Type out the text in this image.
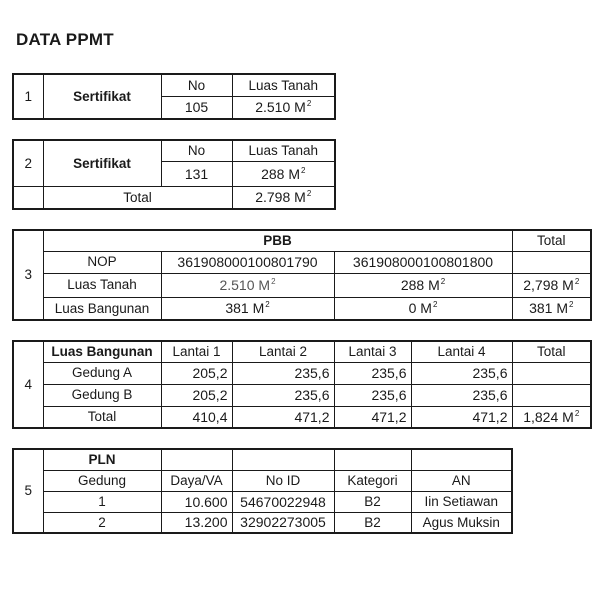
DATA PPMT
1	Sertifikat	No	Luas Tanah
		105	2.510 $M^2$
2	Sertifikat	No	Luas Tanah
		131	288 $M^2$
	Total		2.798 $M^2$
3	PBB			Total
	NOP	361908000100801790	361908000100801800	
	Luas Tanah	2.510 $M^2$	288 $M^2$	2,798 $M^2$
	Luas Bangunan	381 $M^2$	0 $M^2$	381 $M^2$
4	Luas Bangunan	Lantai 1	Lantai 2	Lantai 3	Lantai 4	Total
	Gedung A	205,2	235,6	235,6	235,6	
	Gedung B	205,2	235,6	235,6	235,6	
	Total	410,4	471,2	471,2	471,2	1,824 $M^2$
5	PLN				
	Gedung	Daya/VA	No ID	Kategori	AN
	1	10.600	54670022948	B2	Iin Setiawan
	2	13.200	32902273005	B2	Agus Muksin
